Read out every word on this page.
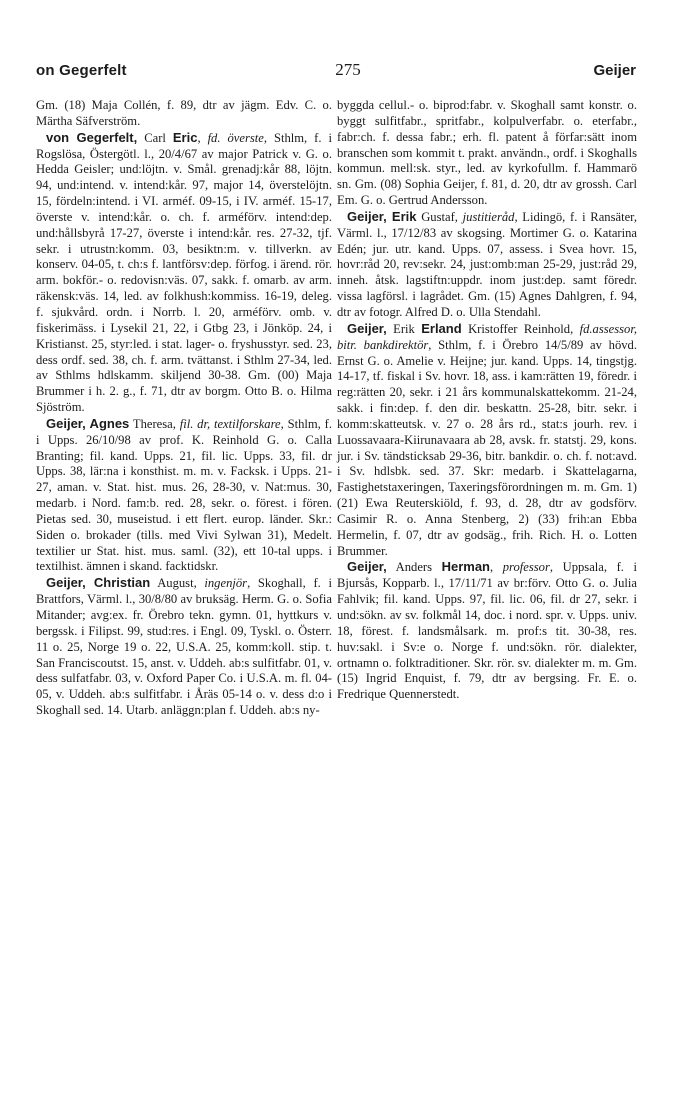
on Gegerfelt	275	Geijer

Gm. (18) Maja Collén, f. 89, dtr av jägm. Edv. C. o. Märtha Säfverström.

von Gegerfelt, Carl Eric, fd. överste, Sthlm, f. i Rogslösa, Östergötl. l., 20/4/67 av major Patrick v. G. o. Hedda Geisler; und:löjtn. v. Smål. grenadj:kår 88, löjtn. 94, und:intend. v. intend:kår. 97, major 14, överstelöjtn. 15, fördeln:intend. i VI. arméf. 09-15, i IV. arméf. 15-17, överste v. intend:kår. o. ch. f. arméförv. intend:dep. und:hållsbyrå 17-27, överste i intend:kår. res. 27-32, tjf. sekr. i utrustn:komm. 03, besiktn:m. v. tillverkn. av konserv. 04-05, t. ch:s f. lantförsv:dep. förfog. i ärend. rör. arm. bokför.- o. redovisn:väs. 07, sakk. f. omarb. av arm. räkensk:väs. 14, led. av folkhush:kommiss. 16-19, deleg. f. sjukvård. ordn. i Norrb. l. 20, arméförv. omb. v. fiskerimäss. i Lysekil 21, 22, i Gtbg 23, i Jönköp. 24, i Kristianst. 25, styr:led. i stat. lager- o. fryshusstyr. sed. 23, dess ordf. sed. 38, ch. f. arm. tvättanst. i Sthlm 27-34, led. av Sthlms hdlskamm. skiljend 30-38. Gm. (00) Maja Brummer i h. 2. g., f. 71, dtr av borgm. Otto B. o. Hilma Sjöström.

Geijer, Agnes Theresa, fil. dr, textilforskare, Sthlm, f. i Upps. 26/10/98 av prof. K. Reinhold G. o. Calla Branting; fil. kand. Upps. 21, fil. lic. Upps. 33, fil. dr Upps. 38, lär:na i konsthist. m. m. v. Facksk. i Upps. 21-27, aman. v. Stat. hist. mus. 26, 28-30, v. Nat:mus. 30, medarb. i Nord. fam:b. red. 28, sekr. o. förest. i fören. Pietas sed. 30, museistud. i ett flert. europ. länder. Skr.: Siden o. brokader (tills. med Vivi Sylwan 31), Medelt. textilier ur Stat. hist. mus. saml. (32), ett 10-tal upps. i textilhist. ämnen i skand. facktidskr.

Geijer, Christian August, ingenjör, Skoghall, f. i Brattfors, Värml. l., 30/8/80 av bruksäg. Herm. G. o. Sofia Mitander; avg:ex. fr. Örebro tekn. gymn. 01, hyttkurs v. bergssk. i Filipst. 99, stud:res. i Engl. 09, Tyskl. o. Österr. 11 o. 25, Norge 19 o. 22, U.S.A. 25, komm:koll. stip. t. San Franciscoutst. 15, anst. v. Uddeh. ab:s sulfitfabr. 01, v. dess sulfatfabr. 03, v. Oxford Paper Co. i U.S.A. m. fl. 04-05, v. Uddeh. ab:s sulfitfabr. i Åräs 05-14 o. v. dess d:o i Skoghall sed. 14. Utarb. anläggn:plan f. Uddeh. ab:s ny-

byggda cellul.- o. biprod:fabr. v. Skoghall samt konstr. o. byggt sulfitfabr., spritfabr., kolpulverfabr. o. eterfabr., fabr:ch. f. dessa fabr.; erh. fl. patent å förfar:sätt inom branschen som kommit t. prakt. användn., ordf. i Skoghalls kommun. mell:sk. styr., led. av kyrkofullm. f. Hammarö sn. Gm. (08) Sophia Geijer, f. 81, d. 20, dtr av grossh. Carl Em. G. o. Gertrud Andersson.

Geijer, Erik Gustaf, justitieråd, Lidingö, f. i Ransäter, Värml. l., 17/12/83 av skogsing. Mortimer G. o. Katarina Edén; jur. utr. kand. Upps. 07, assess. i Svea hovr. 15, hovr:råd 20, rev:sekr. 24, just:omb:man 25-29, just:råd 29, inneh. åtsk. lagstiftn:uppdr. inom just:dep. samt föredr. vissa lagförsl. i lagrådet. Gm. (15) Agnes Dahlgren, f. 94, dtr av fotogr. Alfred D. o. Ulla Stendahl.

Geijer, Erik Erland Kristoffer Reinhold, fd.assessor, bitr. bankdirektör, Sthlm, f. i Örebro 14/5/89 av hövd. Ernst G. o. Amelie v. Heijne; jur. kand. Upps. 14, tingstjg. 14-17, tf. fiskal i Sv. hovr. 18, ass. i kam:rätten 19, föredr. i reg:rätten 20, sekr. i 21 års kommunalskattekomm. 21-24, sakk. i fin:dep. f. den dir. beskattn. 25-28, bitr. sekr. i komm:skatteutsk. v. 27 o. 28 års rd., stat:s jourh. rev. i Luossavaara-Kiirunavaara ab 28, avsk. fr. statstj. 29, kons. jur. i Sv. tändsticksab 29-36, bitr. bankdir. o. ch. f. not:avd. i Sv. hdlsbk. sed. 37. Skr: medarb. i Skattelagarna, Fastighetstaxeringen, Taxeringsförordningen m. m. Gm. 1) (21) Ewa Reuterskiöld, f. 93, d. 28, dtr av godsförv. Casimir R. o. Anna Stenberg, 2) (33) frih:an Ebba Hermelin, f. 07, dtr av godsäg., frih. Rich. H. o. Lotten Brummer.

Geijer, Anders Herman, professor, Uppsala, f. i Bjursås, Kopparb. l., 17/11/71 av br:förv. Otto G. o. Julia Fahlvik; fil. kand. Upps. 97, fil. lic. 06, fil. dr 27, sekr. i und:sökn. av sv. folkmål 14, doc. i nord. spr. v. Upps. univ. 18, förest. f. landsmålsark. m. prof:s tit. 30-38, res. huv:sakl. i Sv:e o. Norge f. und:sökn. rör. dialekter, ortnamn o. folktraditioner. Skr. rör. sv. dialekter m. m. Gm. (15) Ingrid Enquist, f. 79, dtr av bergsing. Fr. E. o. Fredrique Quennerstedt.
